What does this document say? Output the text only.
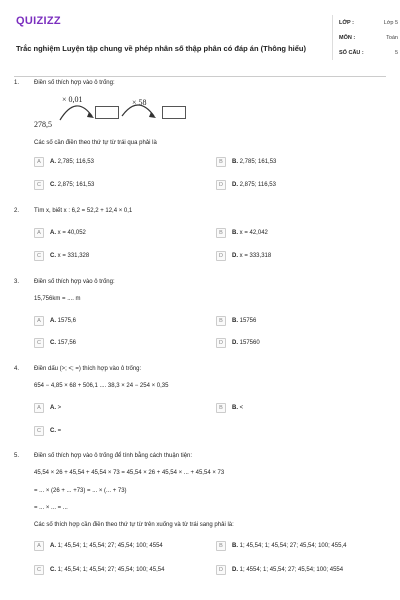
QUIZIZZ
Trắc nghiệm Luyện tập chung về phép nhân số thập phân có đáp án (Thông hiểu)
LỚP :	Lớp 5
MÔN :	Toán
SỐ CÂU :	5
1. Điền số thích hợp vào ô trống:
278,5
× 0,01	× 58
Các số cần điền theo thứ tự từ trái qua phải là
A	A. 2,785; 116,53	B	B. 2,785; 161,53
C	C. 2,875; 161,53	D	D. 2,875; 116,53
2. Tìm x, biết x : 6,2 = 52,2 + 12,4 × 0,1
A	A. x = 40,052	B	B. x = 42,042
C	C. x = 331,328	D	D. x = 333,318
3. Điền số thích hợp vào ô trống:
15,756km = .... m
A	A. 1575,6	B	B. 15756
C	C. 157,56	D	D. 157560
4. Điền dấu (>; <; =) thích hợp vào ô trống:
654 − 4,85 × 68 + 506,1 .... 38,3 × 24 − 254 × 0,35
A	A. >	B	B. <
C	C. =
5. Điền số thích hợp vào ô trống để tính bằng cách thuận tiện:
45,54 × 26 + 45,54 + 45,54 × 73 = 45,54 × 26 + 45,54 × ... + 45,54 × 73
= ... × (26 + ... +73) = ... × (... + 73)
= ... × ... = ...
Các số thích hợp cần điền theo thứ tự từ trên xuống và từ trái sang phải là:
A	A. 1; 45,54; 1; 45,54; 27; 45,54; 100; 4554	B	B. 1; 45,54; 1; 45,54; 27; 45,54; 100; 455,4
C	C. 1; 45,54; 1; 45,54; 27; 45,54; 100; 45,54	D	D. 1; 4554; 1; 45,54; 27; 45,54; 100; 4554
